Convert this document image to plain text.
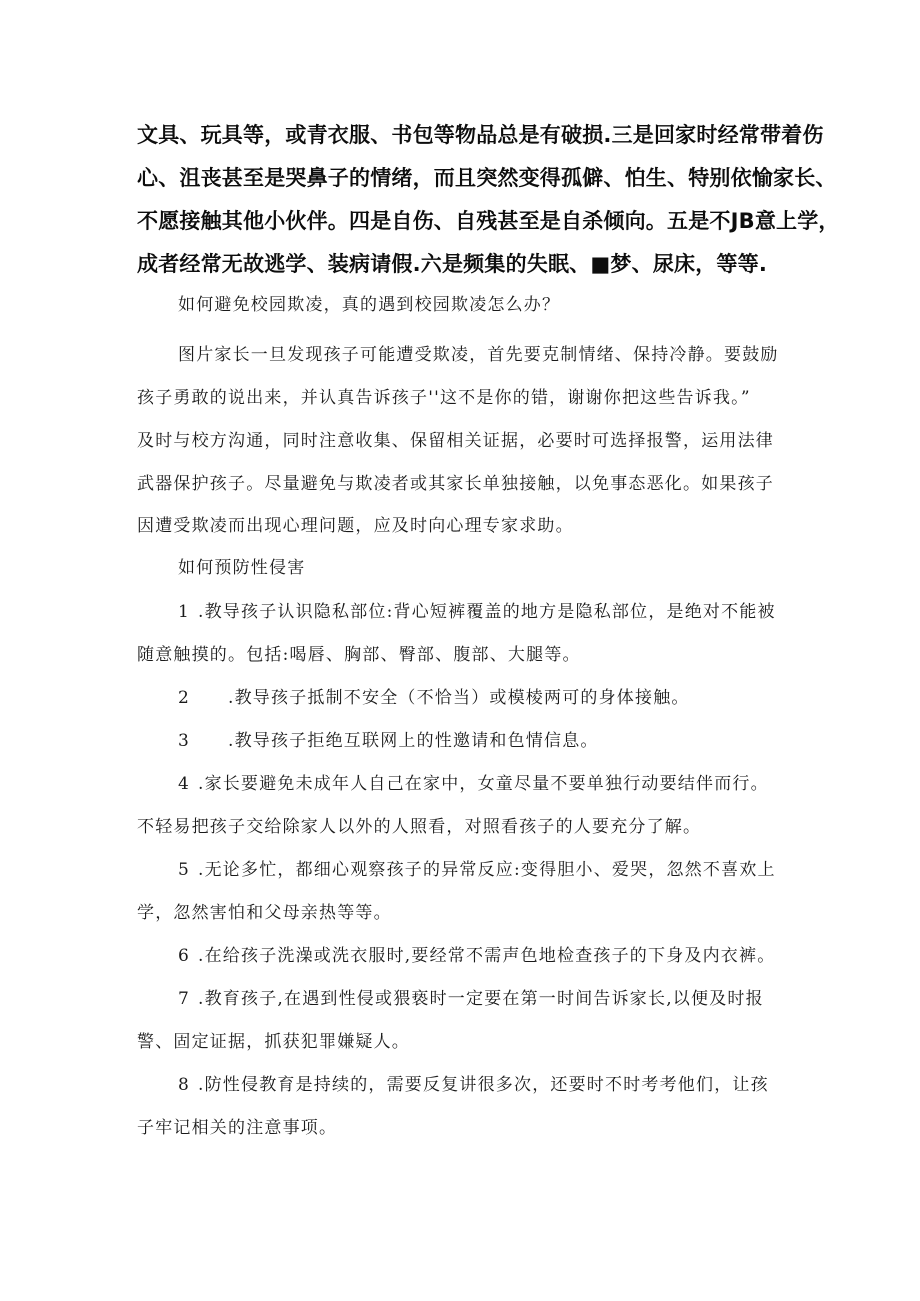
文具、玩具等，或青衣服、书包等物品总是有破损.三是回家时经常带着伤
心、沮丧甚至是哭鼻子的情绪，而且突然变得孤僻、怕生、特别依愉家长、
不愿接触其他小伙伴。四是自伤、自残甚至是自杀倾向。五是不JB意上学，
成者经常无故逃学、装病请假.六是频集的失眠、■梦、尿床，等等.
如何避免校园欺凌，真的遇到校园欺凌怎么办？
图片家长一旦发现孩子可能遭受欺凌，首先要克制情绪、保持冷静。要鼓励
孩子勇敢的说出来，并认真告诉孩子''这不是你的错，谢谢你把这些告诉我。”
及时与校方沟通，同时注意收集、保留相关证据，必要时可选择报警，运用法律
武器保护孩子。尽量避免与欺凌者或其家长单独接触，以免事态恶化。如果孩子
因遭受欺凌而出现心理问题，应及时向心理专家求助。
如何预防性侵害
1 .教导孩子认识隐私部位:背心短裤覆盖的地方是隐私部位，是绝对不能被
随意触摸的。包括:喝唇、胸部、臀部、腹部、大腿等。
2 .教导孩子抵制不安全（不恰当）或模棱两可的身体接触。
3 .教导孩子拒绝互联网上的性邀请和色情信息。
4 .家长要避免未成年人自己在家中，女童尽量不要单独行动要结伴而行。
不轻易把孩子交给除家人以外的人照看，对照看孩子的人要充分了解。
5 .无论多忙，都细心观察孩子的异常反应:变得胆小、爱哭，忽然不喜欢上
学，忽然害怕和父母亲热等等。
6 .在给孩子洗澡或洗衣服时,要经常不需声色地检查孩子的下身及内衣裤。
7 .教育孩子,在遇到性侵或猥亵时一定要在第一时间告诉家长,以便及时报
警、固定证据，抓获犯罪嫌疑人。
8 .防性侵教育是持续的，需要反复讲很多次，还要时不时考考他们，让孩
子牢记相关的注意事项。
